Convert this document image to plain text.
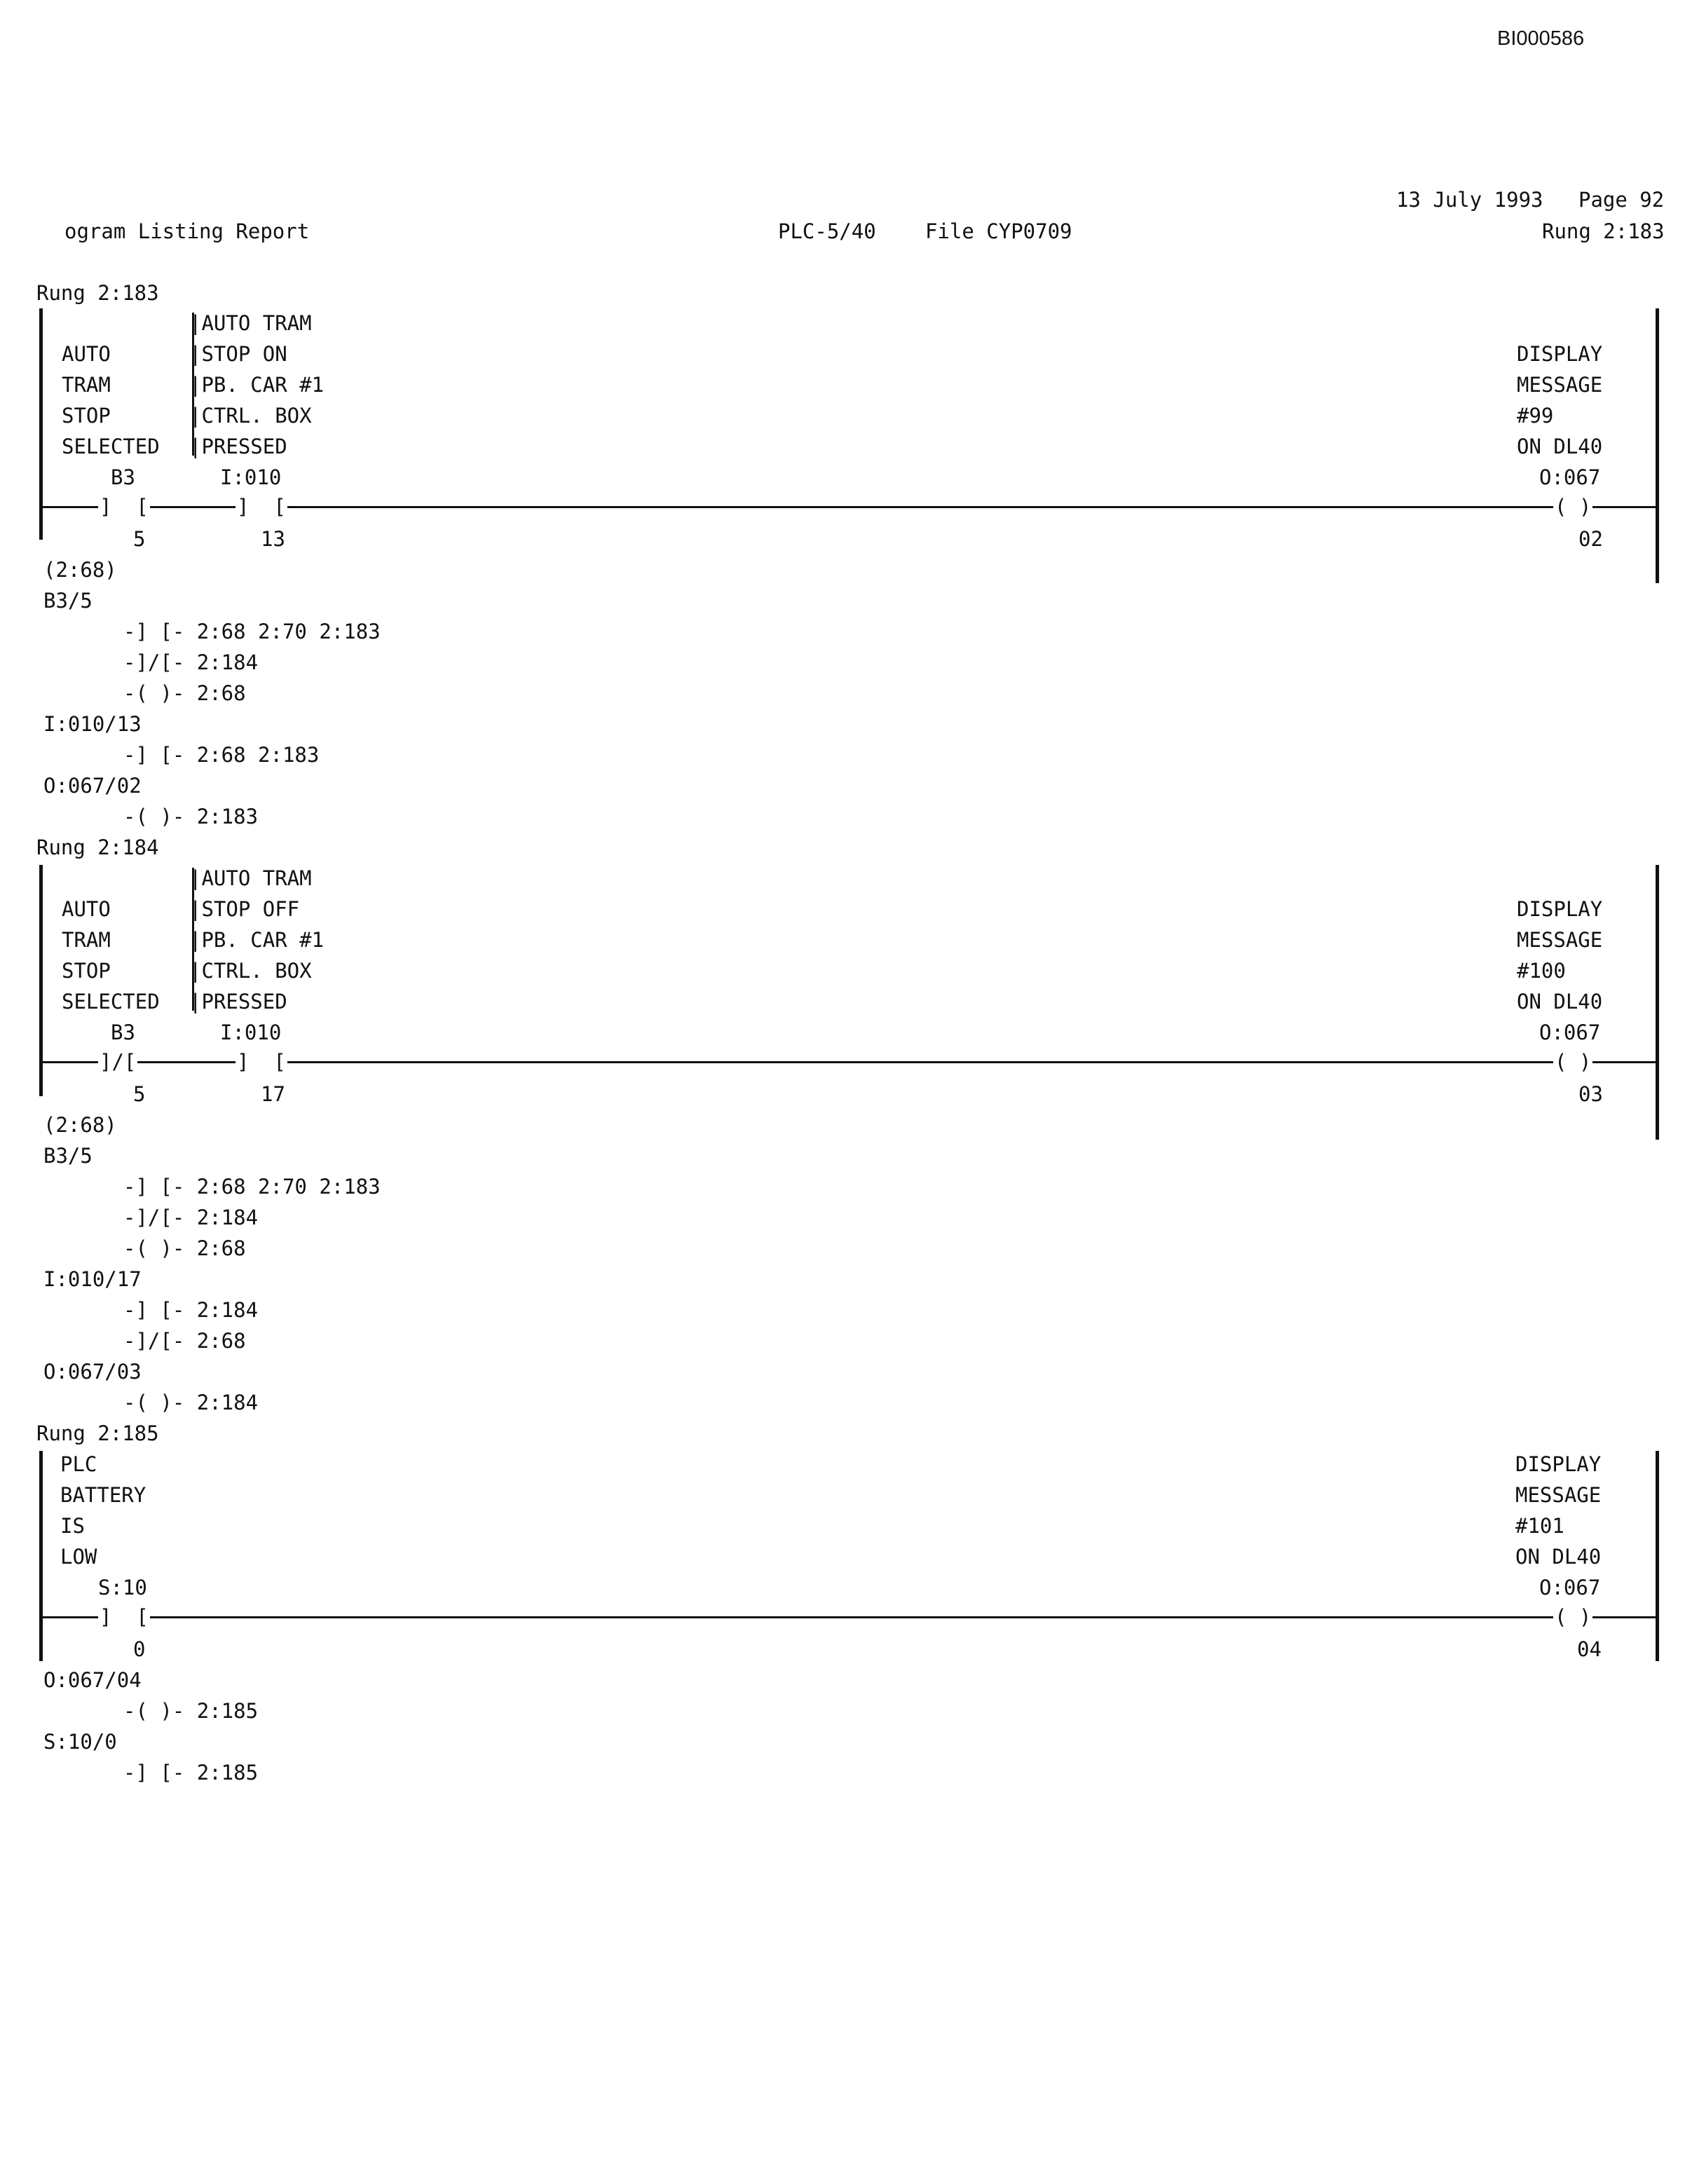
BI000586
13 July 1993 Page 92
ogram Listing Report	PLC-5/40 File CYP0709	Rung 2:183
Rung 2:183
|AUTO TRAM
AUTO
TRAM
STOP
SELECTED
|STOP ON
|PB. CAR #1
|CTRL. BOX
|PRESSED
DISPLAY
MESSAGE
#99
ON DL40
B3	I:010	O:067
]  [	]  [	( )
5	13	02
(2:68)
B3/5
-] [- 2:68 2:70 2:183
-]/[- 2:184
-( )- 2:68
I:010/13
-] [- 2:68 2:183
O:067/02
-( )- 2:183
Rung 2:184
|AUTO TRAM
AUTO
TRAM
STOP
SELECTED
|STOP OFF
|PB. CAR #1
|CTRL. BOX
|PRESSED
DISPLAY
MESSAGE
#100
ON DL40
B3	I:010	O:067
]/[	]  [	( )
5	17	03
(2:68)
B3/5
-] [- 2:68 2:70 2:183
-]/[- 2:184
-( )- 2:68
I:010/17
-] [- 2:184
-]/[- 2:68
O:067/03
-( )- 2:184
Rung 2:185
PLC
BATTERY
IS
LOW
DISPLAY
MESSAGE
#101
ON DL40
S:10	O:067
]  [	( )
0	04
O:067/04
-( )- 2:185
S:10/0
-] [- 2:185
